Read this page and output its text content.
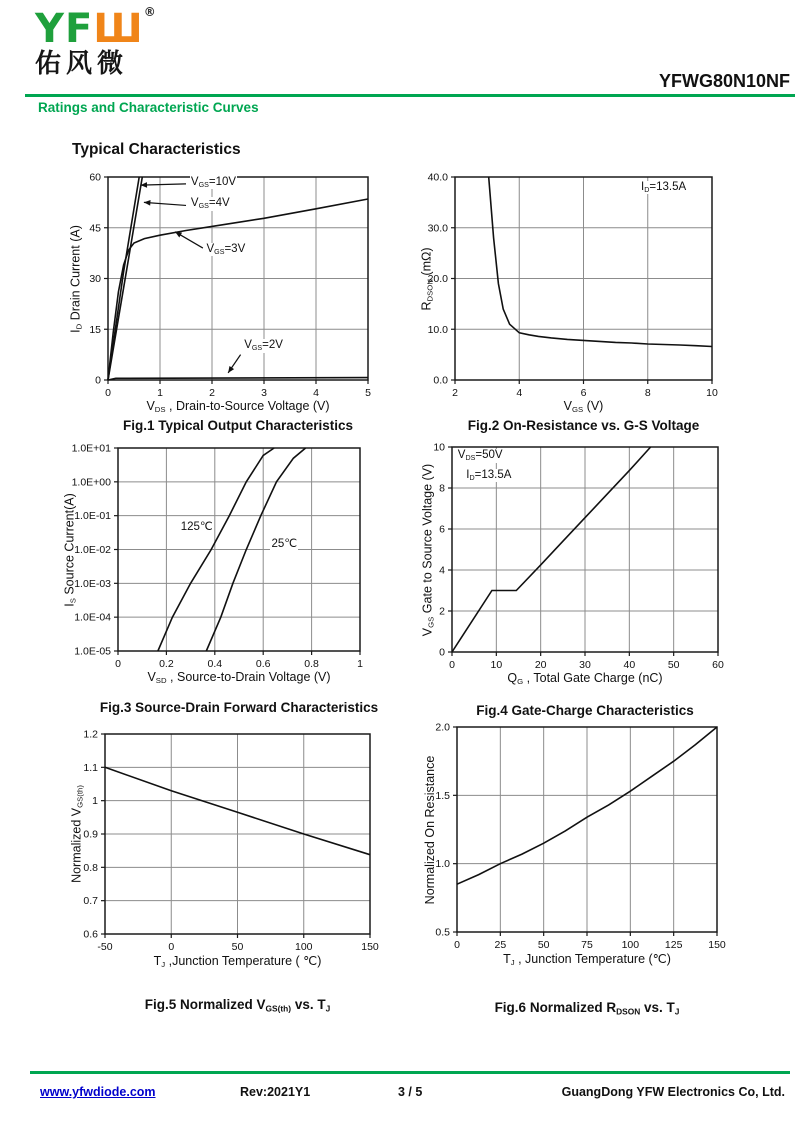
YFШ®
佑风微
YFWG80N10NF
Ratings and Characteristic Curves
Typical Characteristics
0	1	2	3	4	5
0
15
30
45
60
$V_{DS}$ , Drain-to-Source Voltage (V)
$I_D$ Drain Current (A)
$V_{GS}=10V$
$V_{GS}=4V$
$V_{GS}=3V$
$V_{GS}=2V$
Fig.1 Typical Output Characteristics
2	4	6	8	10
0.0
10.0
20.0
30.0
40.0
$V_{GS}$ (V)
$R_{DSON}$ (mΩ)
$I_D=13.5A$
Fig.2 On-Resistance vs. G-S Voltage
0	0.2	0.4	0.6	0.8	1
1.0E-05
1.0E-04
1.0E-03
1.0E-02
1.0E-01
1.0E+00
1.0E+01
$V_{SD}$ , Source-to-Drain Voltage (V)
$I_S$ Source Current(A)	125℃
25℃
Fig.3 Source-Drain Forward Characteristics
0	10	20	30	40	50	60
0
2
4
6
8
10
$Q_G$ , Total Gate Charge (nC)
$V_{GS}$ Gate to Source Voltage (V)
$V_{DS}=50V$
$I_D=13.5A$
Fig.4 Gate-Charge Characteristics
-50	0	50	100	150
0.6
0.7
0.8
0.9
1
1.1
1.2
$T_J$ ,Junction Temperature ( ℃)
Normalized $V_{GS(th)}$
Fig.5 Normalized $V_{GS(th)}$ vs. $T_J$
0	25	50	75	100 125 150
0.5
1.0
1.5
2.0
$T_J$ , Junction Temperature (℃)
Normalized On Resistance
Fig.6 Normalized $R_{DSON}$ vs. $T_J$
www.yfwdiode.com	Rev:2021Y1	3 / 5	GuangDong YFW Electronics Co, Ltd.
